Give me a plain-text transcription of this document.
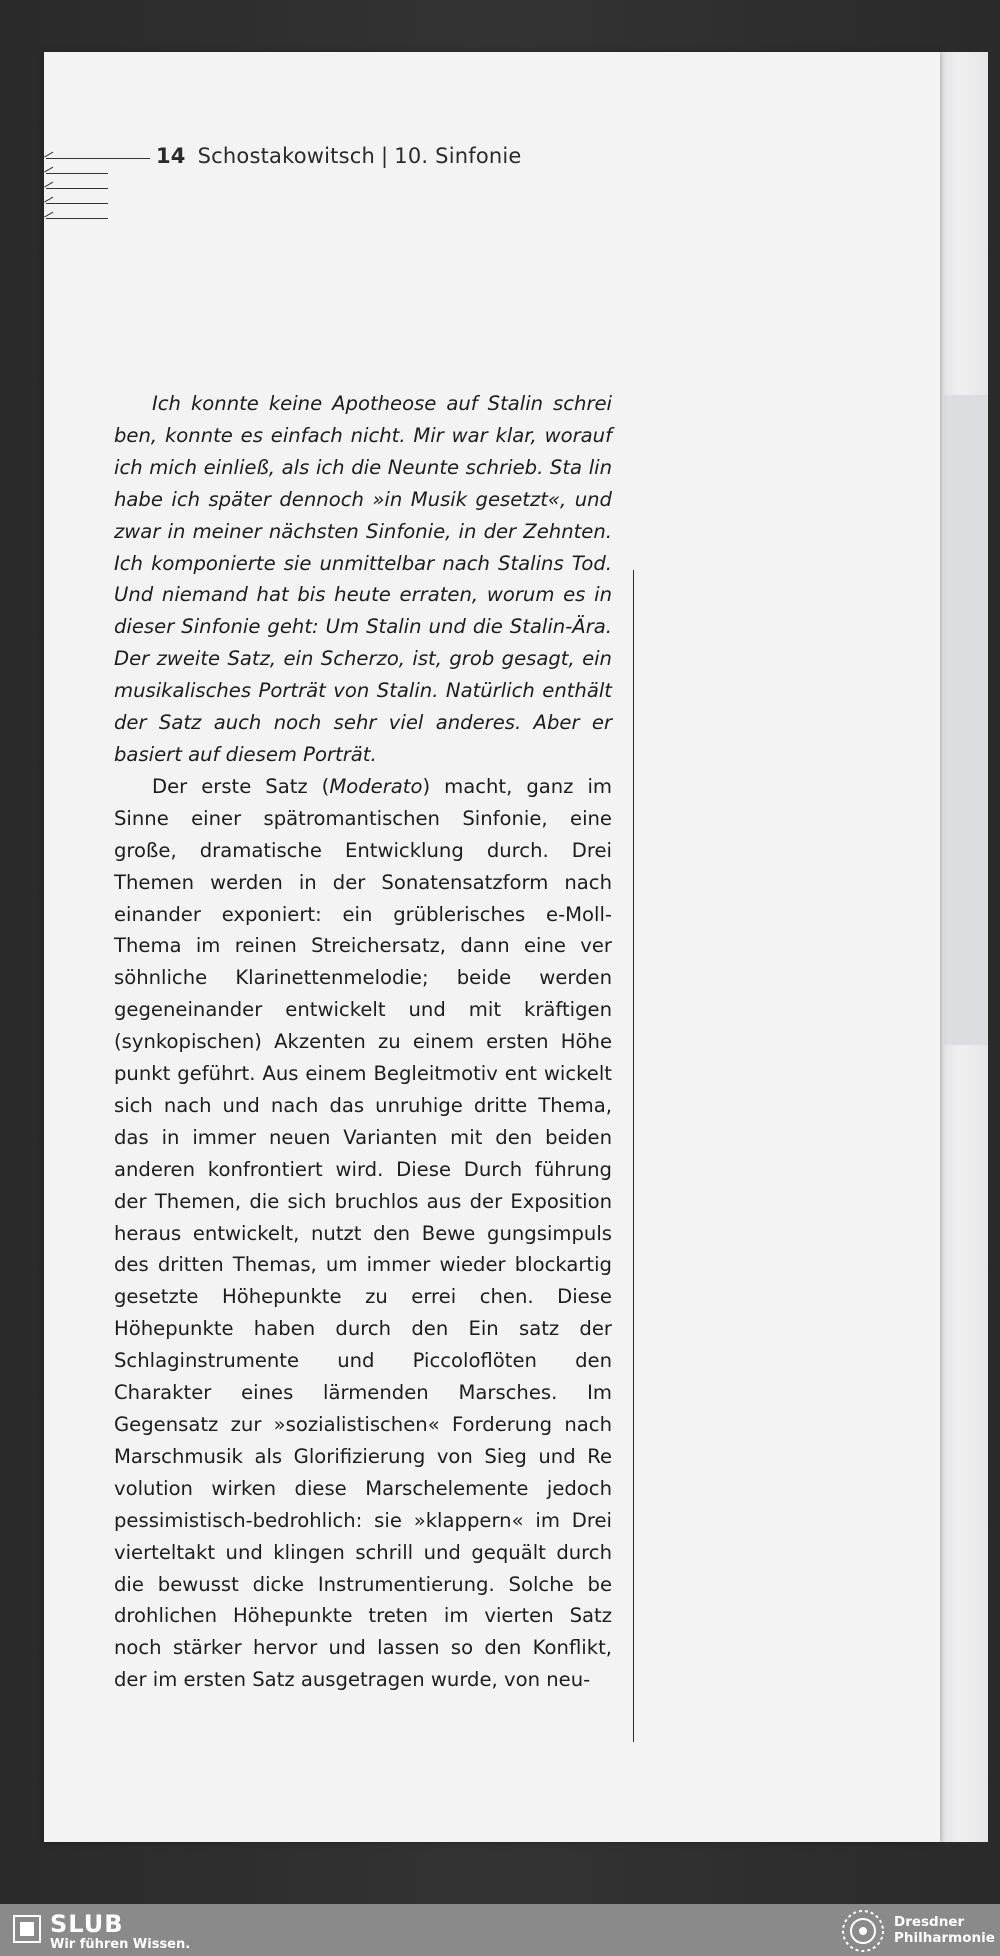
14 Schostakowitsch | 10. Sinfonie

Ich konnte keine Apotheose auf Stalin schrei ben, konnte es einfach nicht. Mir war klar, worauf ich mich einließ, als ich die Neunte schrieb. Sta lin habe ich später dennoch »in Musik gesetzt«, und zwar in meiner nächsten Sinfonie, in der Zehnten. Ich komponierte sie unmittelbar nach Stalins Tod. Und niemand hat bis heute erraten, worum es in dieser Sinfonie geht: Um Stalin und die Stalin-Ära. Der zweite Satz, ein Scherzo, ist, grob gesagt, ein musikalisches Porträt von Stalin. Natürlich enthält der Satz auch noch sehr viel anderes. Aber er basiert auf diesem Porträt.

Der erste Satz (Moderato) macht, ganz im Sinne einer spätromantischen Sinfonie, eine große, dramatische Entwicklung durch. Drei Themen werden in der Sonatensatzform nach einander exponiert: ein grüblerisches e-Moll- Thema im reinen Streichersatz, dann eine ver söhnliche Klarinettenmelodie; beide werden gegeneinander entwickelt und mit kräftigen (synkopischen) Akzenten zu einem ersten Höhe punkt geführt. Aus einem Begleitmotiv ent wickelt sich nach und nach das unruhige dritte Thema, das in immer neuen Varianten mit den beiden anderen konfrontiert wird. Diese Durch führung der Themen, die sich bruchlos aus der Exposition heraus entwickelt, nutzt den Bewe gungsimpuls des dritten Themas, um immer wieder blockartig gesetzte Höhepunkte zu errei chen. Diese Höhepunkte haben durch den Ein satz der Schlaginstrumente und Piccoloflöten den Charakter eines lärmenden Marsches. Im Gegensatz zur »sozialistischen« Forderung nach Marschmusik als Glorifizierung von Sieg und Re volution wirken diese Marschelemente jedoch pessimistisch-bedrohlich: sie »klappern« im Drei vierteltakt und klingen schrill und gequält durch die bewusst dicke Instrumentierung. Solche be drohlichen Höhepunkte treten im vierten Satz noch stärker hervor und lassen so den Konflikt, der im ersten Satz ausgetragen wurde, von neu-

SLUB
Wir führen Wissen.
Dresdner
Philharmonie
